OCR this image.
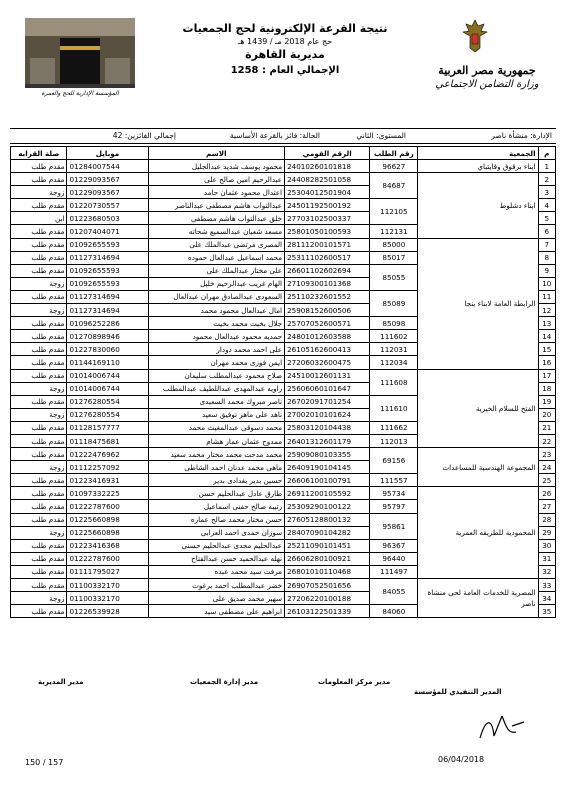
جمهورية مصر العربية
وزارة التضامن الاجتماعي
نتيجة القرعة الإلكترونية لحج الجمعيات
حج عام 2018 مـ / 1439 هـ
مديرية القاهرة
الإجمالي العام : 1258
المؤسسة الإدارية للحج والعمرة
الإدارة: منشأة ناصر
المستوى: الثاني
الحالة: فائز بالقرعة الأساسية
إجمالي الفائزين: 42
م	الجمعية	رقم الطلب	الرقم القومي	الاسم	موبايل	صلة القرابه
1	ابناء برقوق وقايتباي	96627	24010260101818	محمود يوسف شديد عبدالجليل	01284007544	مقدم طلب
2	ابناء دشلوط	84687	24408282501058	عبدالرحيم امين صالح على	01229093567	مقدم طلب
3			25304012501904	اعتدال محمود عثمان حامد	01229093567	زوجة
4		112105	24501192500192	عبدالتواب هاشم مصطفى عبدالناصر	01220730557	مقدم طلب
5			27703102500337	خلق عبدالتواب هاشم مصطفى	01223680503	ابن
6		112131	25801050100593	مسعد شعبان عبدالسميع شحاته	01207404071	مقدم طلب
7	الرابطة العامة لابناء بنجا	85000	28111200101571	المصرى مرتضى عبدالملك على	01092655593	مقدم طلب
8		85017	25311102600517	محمد اسماعيل عبدالعال حموده	01127314694	مقدم طلب
9		85055	26601102602694	على مختار عبدالملك على	01092655593	مقدم طلب
10			27109300101368	الهام غريب عبدالرحيم خليل	01092655593	زوجة
11		85089	25110232601552	السعودى عبدالصادق مهران عبدالعال	01127314694	مقدم طلب
12			25908152600506	امال عبدالعال محمود محمد	01127314694	زوجة
13		85098	25707052600571	جلال بخيت محمد بخيت	01096252286	مقدم طلب
14		111602	24801012603588	حمديه محمود عبدالعال محمود	01270898946	مقدم طلب
15		112031	26105162600413	على احمد محمد دودار	01227830060	مقدم طلب
16		112034	27206032600475	ايمن فوزى محمد مهران	01144169110	مقدم طلب
17	الفتح للسلام الخيرية	111608	24510012601131	صلاح محمود عبدالمطلب سليمان	01014006744	مقدم طلب
18			25606060101647	راويه عبدالمهدى عبداللطيف عبدالمطلب	01014006744	زوجة
19		111610	26702091701254	ناصر مبروك محمد السعيدى	01276280554	مقدم طلب
20			27002010101624	ناهد على ماهر توفيق سعيد	01276280554	زوجة
21		111662	25803120104438	محمد دسوقى عبدالمغيث محمد	01128157777	مقدم طلب
22		112013	26401312601179	ممدوح عثمان عمار هشام	01118475681	مقدم طلب
23	المجموعة الهندسية للمساعدات	69156	25909080103355	محمد مدحت محمد مختار محمد سعيد	01222476962	مقدم طلب
24			26409190104145	ماهى محمد عدنان احمد الشاطى	01112257092	زوجة
25		111557	26606100100791	حسين بدير بغدادى بدير	01223416931	مقدم طلب
26	المحمودية للطريقه العمرية	95734	26911200105592	طارق عادل عبدالحليم حسن	01097332225	مقدم طلب
27		95797	25309290100122	رتيبه صالح حفنى اسماعيل	01222787600	مقدم طلب
28		95861	27605128800132	حسن مختار محمد صالح عماره	01225660898	مقدم طلب
29			28407090104282	سوزان حمدى احمد العرابى	01225660898	زوجة
30		96367	25211090101451	عبدالحليم مجدى عبدالحليم حسنى	01223416368	مقدم طلب
31		96440	26606280100921	نهله عبدالحميد حسن عبدالفتاح	01222787600	مقدم طلب
32		111497	26801010110468	مرفت سيد محمد عبده	01111795027	مقدم طلب
33	المصرية للخدمات العامة لحى منشاة ناصر	84055	26907052501656	خضر عبدالمطلب احمد برغوت	01100332170	مقدم طلب
34			27206220100188	سهير محمد صديق على	01100332170	زوجة
35		84060	26103122501339	ابراهيم على مصطفى سيد	01226539928	مقدم طلب
مدير المديرية	مدير إدارة الجمعيات	مدير مركز المعلومات
المدير التنفيذي للمؤسسة
150 / 157	06/04/2018
